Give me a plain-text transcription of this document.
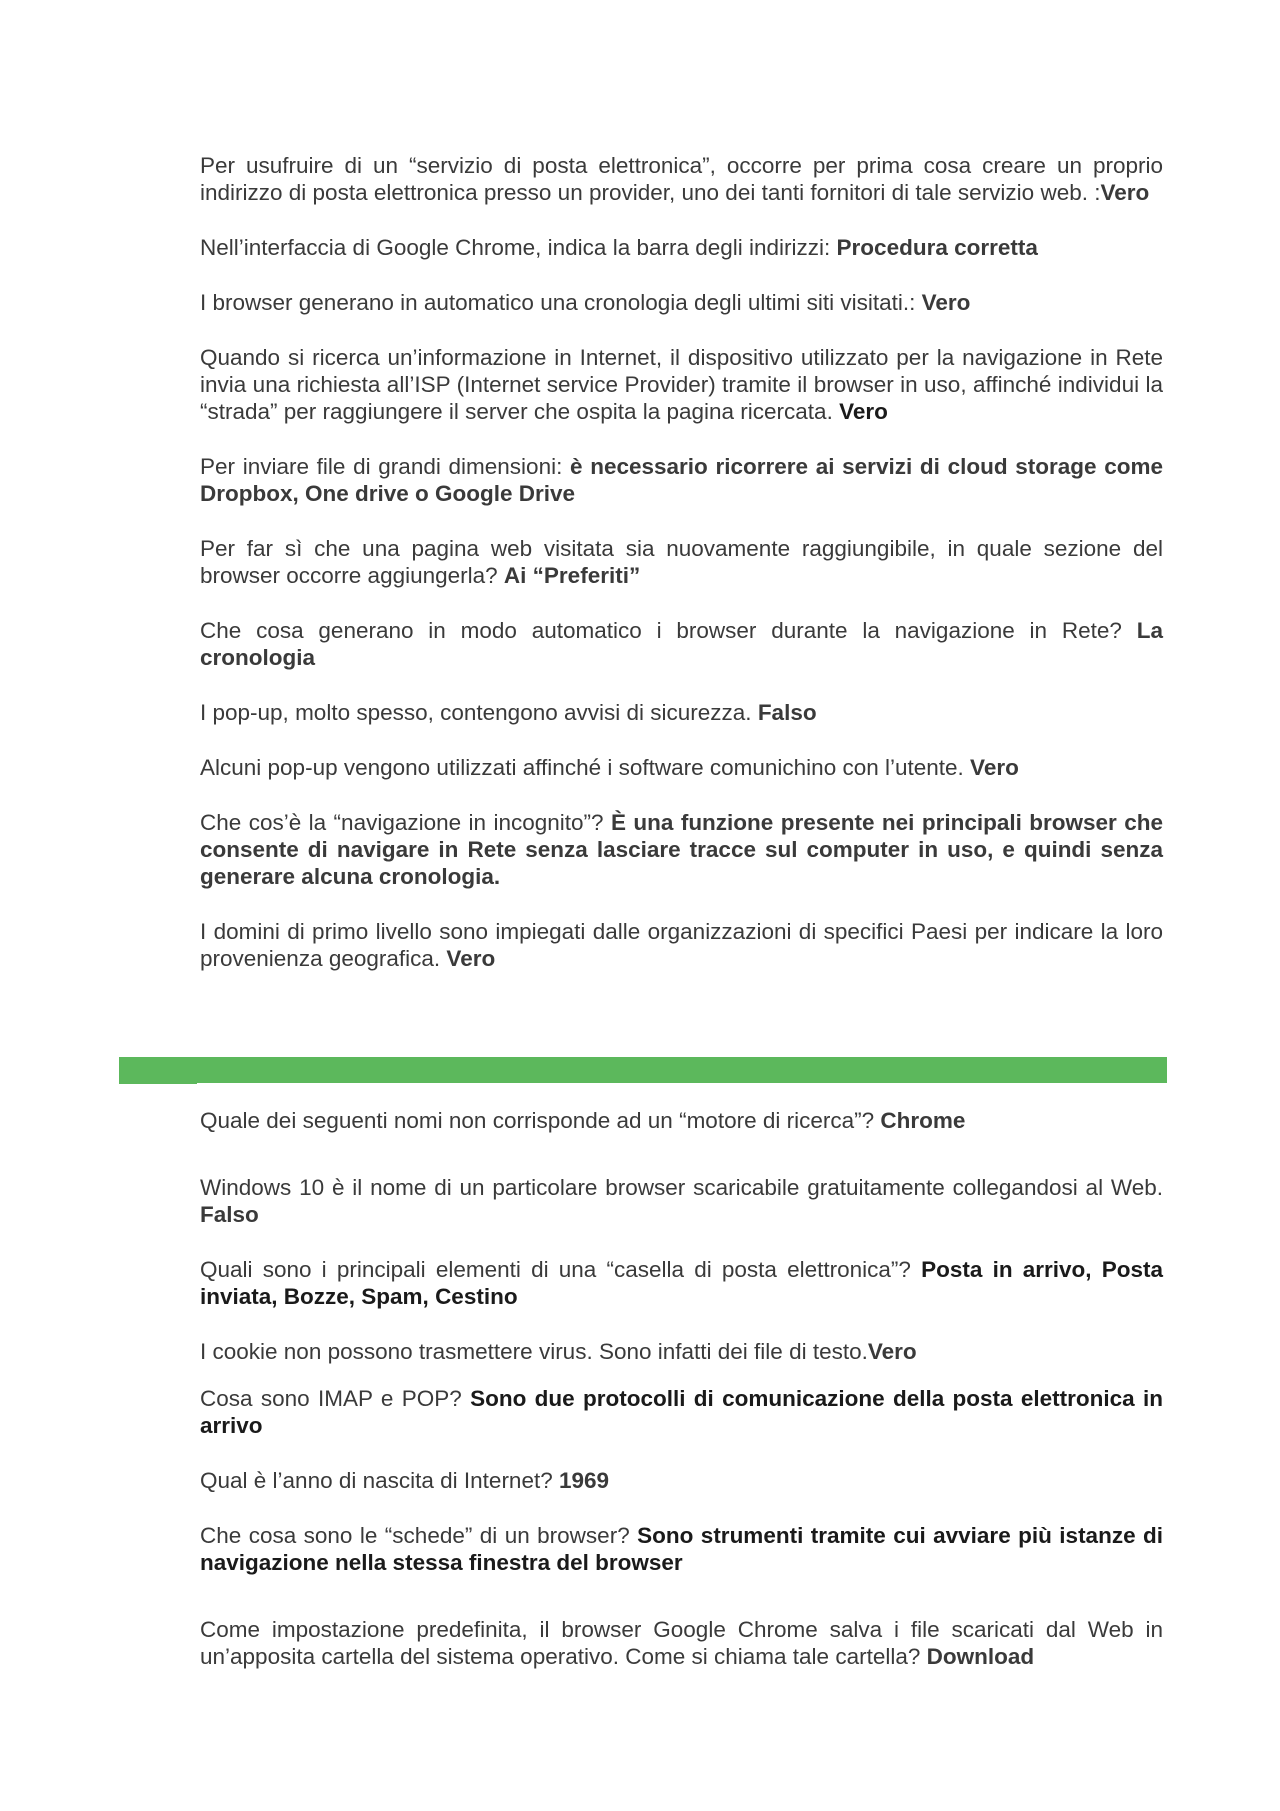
Per usufruire di un “servizio di posta elettronica”, occorre per prima cosa creare un proprio indirizzo di posta elettronica presso un provider, uno dei tanti fornitori di tale servizio web. :Vero

Nell’interfaccia di Google Chrome, indica la barra degli indirizzi: Procedura corretta

I browser generano in automatico una cronologia degli ultimi siti visitati.: Vero

Quando si ricerca un’informazione in Internet, il dispositivo utilizzato per la navigazione in Rete invia una richiesta all’ISP (Internet service Provider) tramite il browser in uso, affinché individui la “strada” per raggiungere il server che ospita la pagina ricercata. Vero

Per inviare file di grandi dimensioni: è necessario ricorrere ai servizi di cloud storage come Dropbox, One drive o Google Drive

Per far sì che una pagina web visitata sia nuovamente raggiungibile, in quale sezione del browser occorre aggiungerla? Ai “Preferiti”

Che cosa generano in modo automatico i browser durante la navigazione in Rete? La cronologia

I pop-up, molto spesso, contengono avvisi di sicurezza. Falso

Alcuni pop-up vengono utilizzati affinché i software comunichino con l’utente. Vero

Che cos’è la “navigazione in incognito”? È una funzione presente nei principali browser che consente di navigare in Rete senza lasciare tracce sul computer in uso, e quindi senza generare alcuna cronologia.

I domini di primo livello sono impiegati dalle organizzazioni di specifici Paesi per indicare la loro provenienza geografica. Vero

Quale dei seguenti nomi non corrisponde ad un “motore di ricerca”? Chrome

Windows 10 è il nome di un particolare browser scaricabile gratuitamente collegandosi al Web. Falso

Quali sono i principali elementi di una “casella di posta elettronica”? Posta in arrivo, Posta inviata, Bozze, Spam, Cestino

I cookie non possono trasmettere virus. Sono infatti dei file di testo.Vero

Cosa sono IMAP e POP? Sono due protocolli di comunicazione della posta elettronica in arrivo

Qual è l’anno di nascita di Internet? 1969

Che cosa sono le “schede” di un browser? Sono strumenti tramite cui avviare più istanze di navigazione nella stessa finestra del browser

Come impostazione predefinita, il browser Google Chrome salva i file scaricati dal Web in un’apposita cartella del sistema operativo. Come si chiama tale cartella? Download
